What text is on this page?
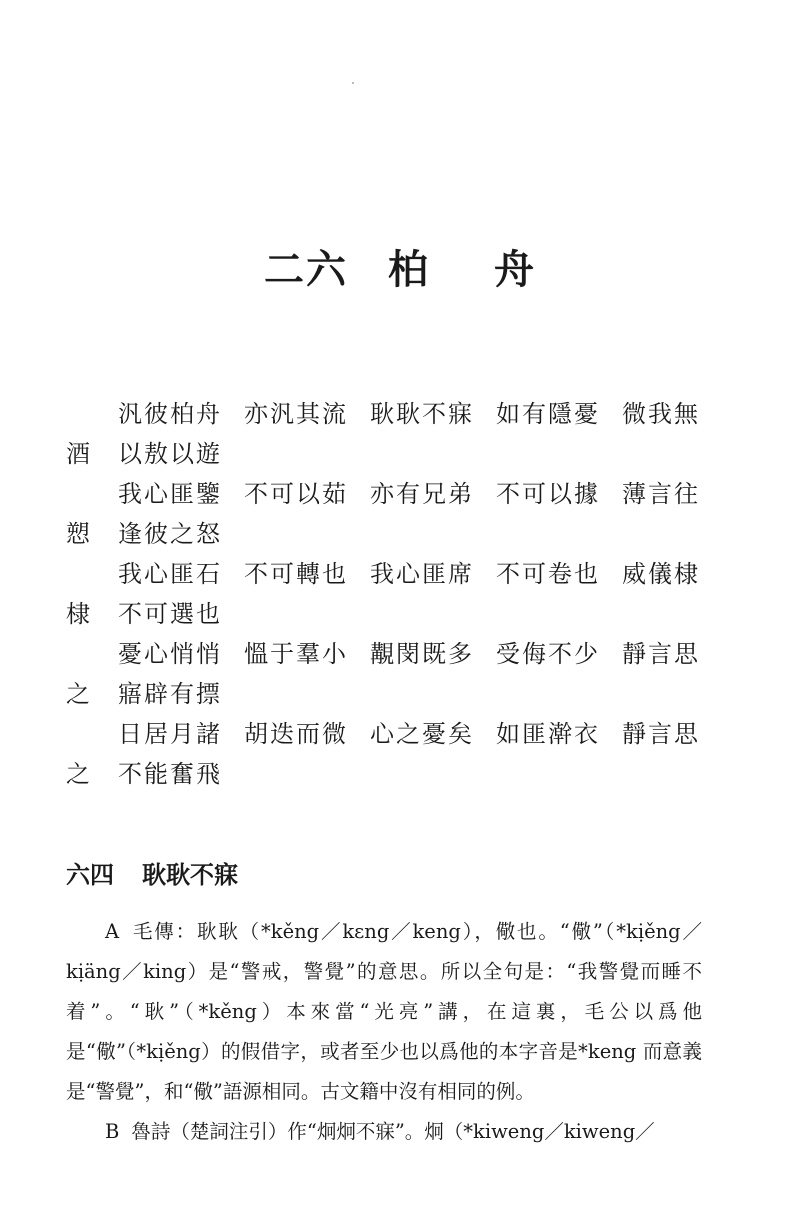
二六 柏 舟
汎彼柏舟 亦汎其流 耿耿不寐 如有隱憂 微我無
酒 以敖以遊
我心匪鑒 不可以茹 亦有兄弟 不可以據 薄言往
愬 逢彼之怒
我心匪石 不可轉也 我心匪席 不可卷也 威儀棣
棣 不可選也
憂心悄悄 慍于羣小 覯閔既多 受侮不少 靜言思
之 寤辟有摽
日居月諸 胡迭而微 心之憂矣 如匪澣衣 靜言思
之 不能奮飛
六四 耿耿不寐

A 毛傳：耿耿（*kěng／kɛng／keng），儆也。“儆”（*kịěng／kịäng／king）是“警戒，警覺”的意思。所以全句是：“我警覺而睡不着”。“耿”（*kěng）本來當“光亮”講，在這裏，毛公以爲他是“儆”（*kịěng）的假借字，或者至少也以爲他的本字音是*keng 而意義是“警覺”，和“儆”語源相同。古文籍中沒有相同的例。

B 魯詩（楚詞注引）作“炯炯不寐”。炯（*kiweng／kiweng／
